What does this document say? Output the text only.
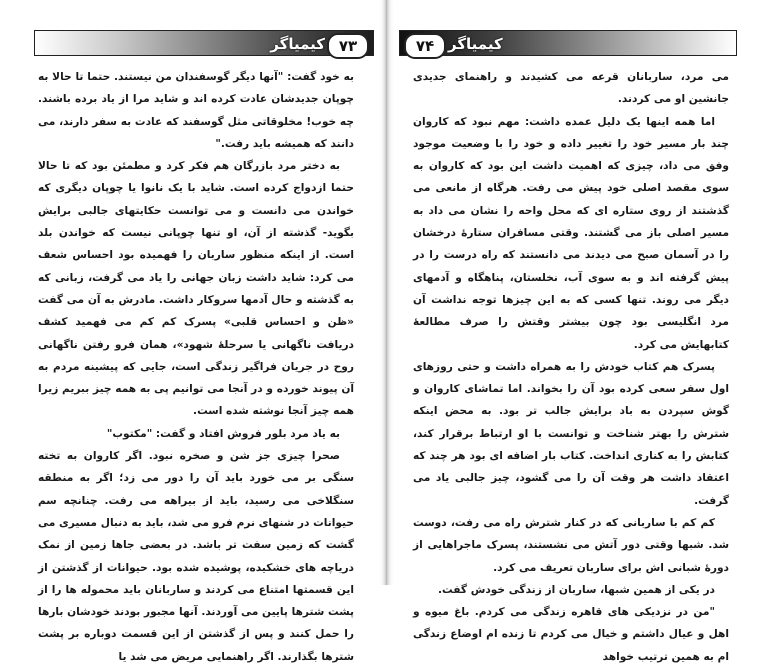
کیمیاگر ۷۳

به خود گفت: "آنها دیگر گوسفندان من نیستند. حتما تا حالا به چوپان جدیدشان عادت کرده اند و شاید مرا از یاد برده باشند. چه خوب! مخلوقاتی مثل گوسفند که عادت به سفر دارند، می دانند که همیشه باید رفت."

به دختر مرد بازرگان هم فکر کرد و مطمئن بود که تا حالا حتما ازدواج کرده است. شاید با یک نانوا یا چوپان دیگری که خواندن می دانست و می توانست حکایتهای جالبی برایش بگوید- گذشته از آن، او تنها چوپانی نیست که خواندن بلد است. از اینکه منظور ساربان را فهمیده بود احساس شعف می کرد: شاید داشت زبان جهانی را یاد می گرفت، زبانی که به گذشته و حال آدمها سروکار داشت. مادرش به آن می گفت «ظن و احساس قلبی» پسرک کم کم می فهمید کشف دریافت ناگهانی یا سرحلهٔ شهود»، همان فرو رفتن ناگهانی روح در جریان فراگیر زندگی است، جایی که پیشینه مردم به آن پیوند خورده و در آنجا می توانیم پی به همه چیز ببریم زیرا همه چیز آنجا نوشته شده است.

به یاد مرد بلور فروش افتاد و گفت: "مکتوب"

صحرا چیزی جز شن و صخره نبود. اگر کاروان به تخته سنگی بر می خورد باید آن را دور می زد؛ اگر به منطقه سنگلاخی می رسید، باید از بیراهه می رفت. چنانچه سم حیوانات در شنهای نرم فرو می شد، باید به دنبال مسیری می گشت که زمین سفت تر باشد. در بعضی جاها زمین از نمک دریاچه های خشکیده، پوشیده شده بود. حیوانات از گذشتن از این قسمتها امتناع می کردند و ساربانان باید محموله ها را از پشت شترها پایین می آوردند. آنها مجبور بودند خودشان بارها را حمل کنند و پس از گذشتن از این قسمت دوباره بر پشت شترها بگذارند. اگر راهنمایی مریض می شد یا

۷۴ کیمیاگر

می مرد، ساربانان قرعه می کشیدند و راهنمای جدیدی جانشین او می کردند.

اما همه اینها یک دلیل عمده داشت: مهم نبود که کاروان چند بار مسیر خود را تغییر داده و خود را با وضعیت موجود وفق می داد، چیزی که اهمیت داشت این بود که کاروان به سوی مقصد اصلی خود پیش می رفت. هرگاه از مانعی می گذشتند از روی ستاره ای که محل واحه را نشان می داد به مسیر اصلی باز می گشتند. وقتی مسافران ستارهٔ درخشان را در آسمان صبح می دیدند می دانستند که راه درست را در پیش گرفته اند و به سوی آب، نخلستان، پناهگاه و آدمهای دیگر می روند. تنها کسی که به این چیزها توجه نداشت آن مرد انگلیسی بود چون بیشتر وقتش را صرف مطالعهٔ کتابهایش می کرد.

پسرک هم کتاب خودش را به همراه داشت و حتی روزهای اول سفر سعی کرده بود آن را بخواند. اما تماشای کاروان و گوش سپردن به باد برایش جالب تر بود. به محض اینکه شترش را بهتر شناخت و توانست با او ارتباط برقرار کند، کتابش را به کناری انداخت. کتاب بار اضافه ای بود هر چند که اعتقاد داشت هر وقت آن را می گشود، چیز جالبی یاد می گرفت.

کم کم با ساربانی که در کنار شترش راه می رفت، دوست شد. شبها وقتی دور آتش می نشستند، پسرک ماجراهایی از دورهٔ شبانی اش برای ساربان تعریف می کرد.

در یکی از همین شبها، ساربان از زندگی خودش گفت.

"من در نزدیکی های قاهره زندگی می کردم. باغ میوه و اهل و عیال داشتم و خیال می کردم تا زنده ام اوضاع زندگی ام به همین ترتیب خواهد
